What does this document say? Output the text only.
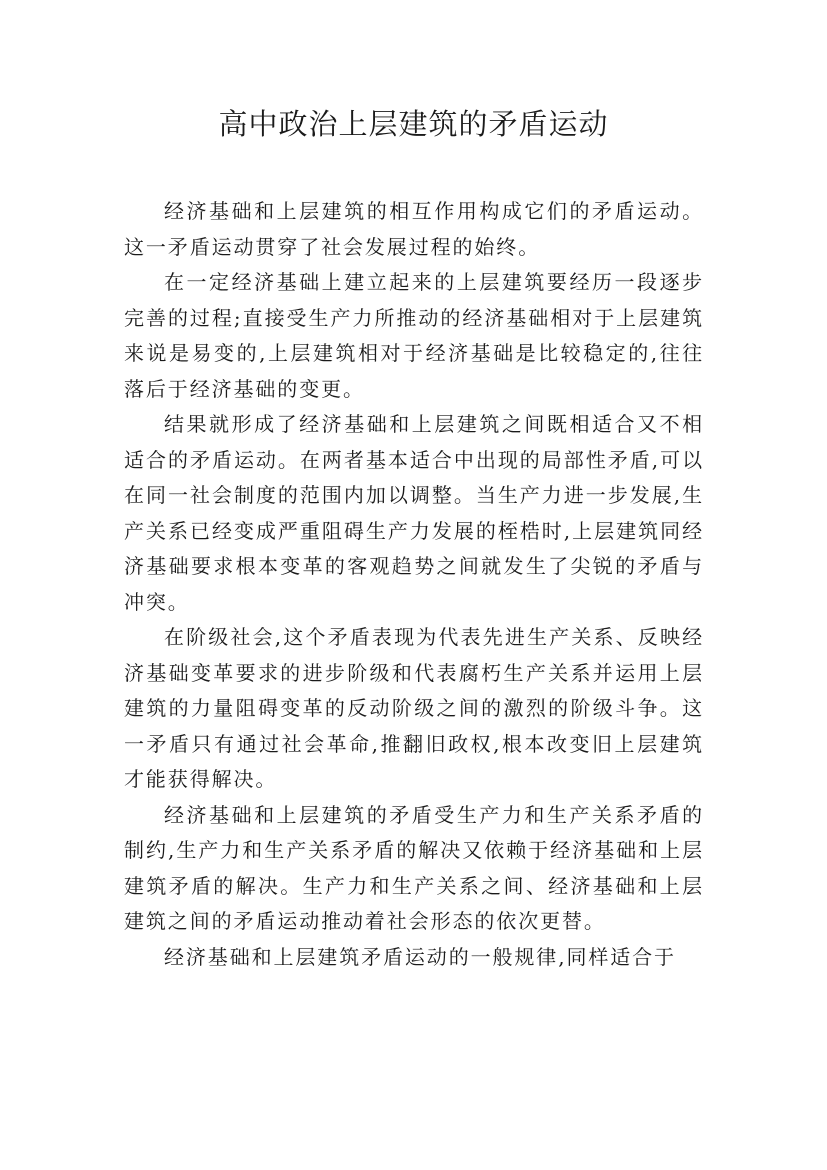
高中政治上层建筑的矛盾运动

经济基础和上层建筑的相互作用构成它们的矛盾运动。这一矛盾运动贯穿了社会发展过程的始终。

在一定经济基础上建立起来的上层建筑要经历一段逐步完善的过程;直接受生产力所推动的经济基础相对于上层建筑来说是易变的,上层建筑相对于经济基础是比较稳定的,往往落后于经济基础的变更。

结果就形成了经济基础和上层建筑之间既相适合又不相适合的矛盾运动。在两者基本适合中出现的局部性矛盾,可以在同一社会制度的范围内加以调整。当生产力进一步发展,生产关系已经变成严重阻碍生产力发展的桎梏时,上层建筑同经济基础要求根本变革的客观趋势之间就发生了尖锐的矛盾与冲突。

在阶级社会,这个矛盾表现为代表先进生产关系、反映经济基础变革要求的进步阶级和代表腐朽生产关系并运用上层建筑的力量阻碍变革的反动阶级之间的激烈的阶级斗争。这一矛盾只有通过社会革命,推翻旧政权,根本改变旧上层建筑才能获得解决。

经济基础和上层建筑的矛盾受生产力和生产关系矛盾的制约,生产力和生产关系矛盾的解决又依赖于经济基础和上层建筑矛盾的解决。生产力和生产关系之间、经济基础和上层建筑之间的矛盾运动推动着社会形态的依次更替。

经济基础和上层建筑矛盾运动的一般规律,同样适合于
